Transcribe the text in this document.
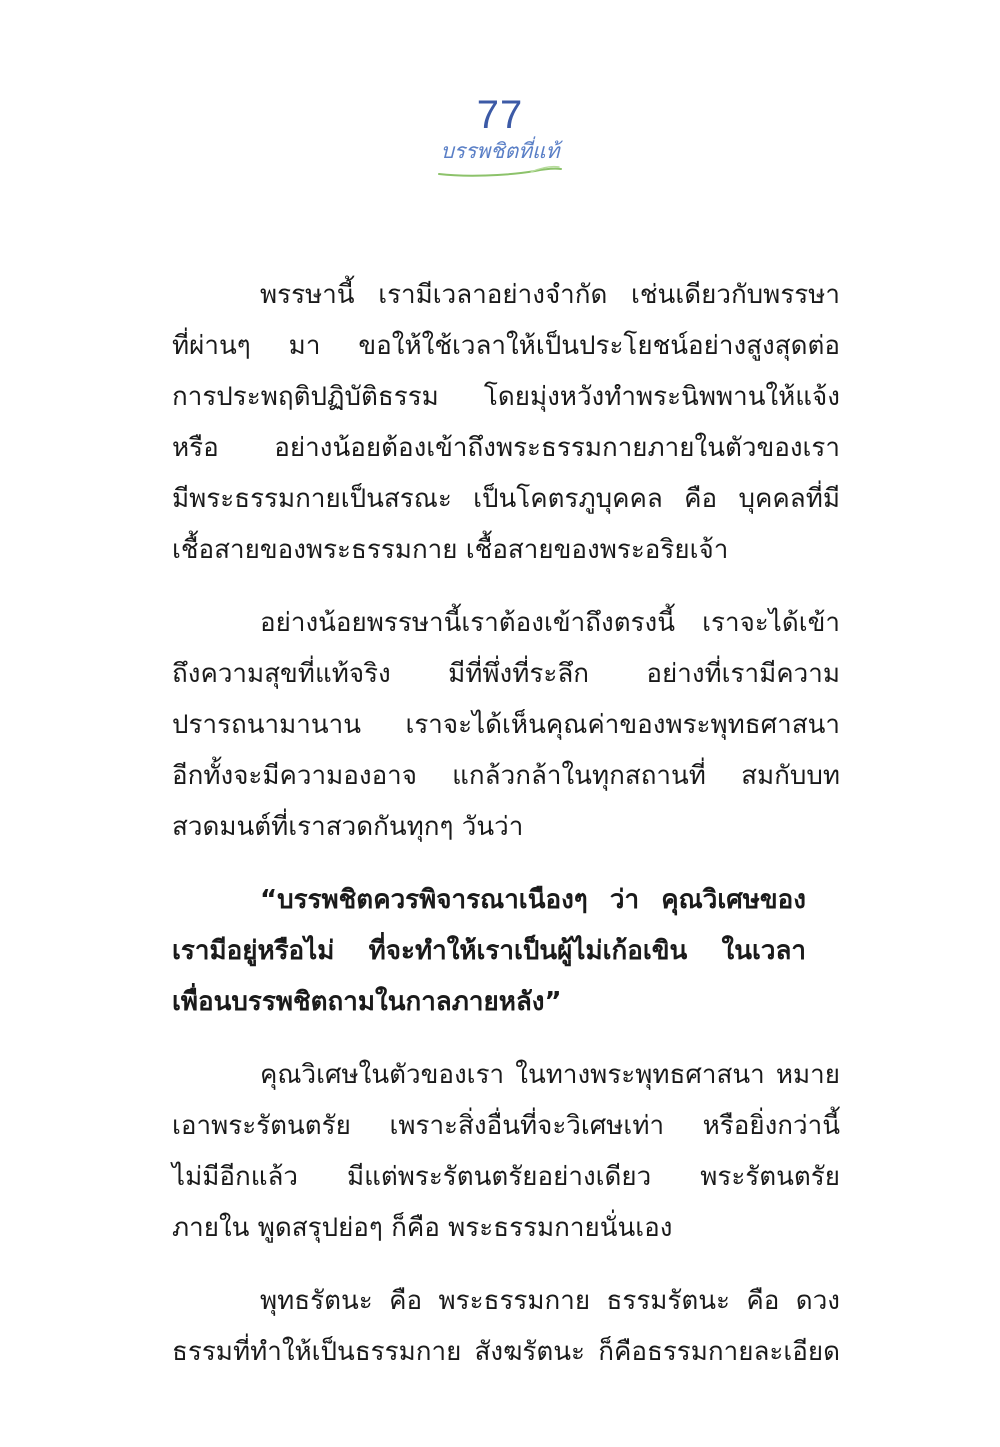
77
บรรพชิตที่แท้
พรรษานี้ เรามีเวลาอย่างจำกัด เช่นเดียวกับพรรษา
ที่ผ่านๆ มา ขอให้ใช้เวลาให้เป็นประโยชน์อย่างสูงสุดต่อ
การประพฤติปฏิบัติธรรม โดยมุ่งหวังทำพระนิพพานให้แจ้ง
หรือ อย่างน้อยต้องเข้าถึงพระธรรมกายภายในตัวของเรา
มีพระธรรมกายเป็นสรณะ เป็นโคตรภูบุคคล คือ บุคคลที่มี
เชื้อสายของพระธรรมกาย เชื้อสายของพระอริยเจ้า
อย่างน้อยพรรษานี้เราต้องเข้าถึงตรงนี้ เราจะได้เข้า
ถึงความสุขที่แท้จริง มีที่พึ่งที่ระลึก อย่างที่เรามีความ
ปรารถนามานาน เราจะได้เห็นคุณค่าของพระพุทธศาสนา
อีกทั้งจะมีความองอาจ แกล้วกล้าในทุกสถานที่ สมกับบท
สวดมนต์ที่เราสวดกันทุกๆ วันว่า
“บรรพชิตควรพิจารณาเนืองๆ ว่า คุณวิเศษของ
เรามีอยู่หรือไม่ ที่จะทำให้เราเป็นผู้ไม่เก้อเขิน ในเวลา
เพื่อนบรรพชิตถามในกาลภายหลัง”
คุณวิเศษในตัวของเรา ในทางพระพุทธศาสนา หมาย
เอาพระรัตนตรัย เพราะสิ่งอื่นที่จะวิเศษเท่า หรือยิ่งกว่านี้
ไม่มีอีกแล้ว มีแต่พระรัตนตรัยอย่างเดียว พระรัตนตรัย
ภายใน พูดสรุปย่อๆ ก็คือ พระธรรมกายนั่นเอง
พุทธรัตนะ คือ พระธรรมกาย ธรรมรัตนะ คือ ดวง
ธรรมที่ทำให้เป็นธรรมกาย สังฆรัตนะ ก็คือธรรมกายละเอียด
